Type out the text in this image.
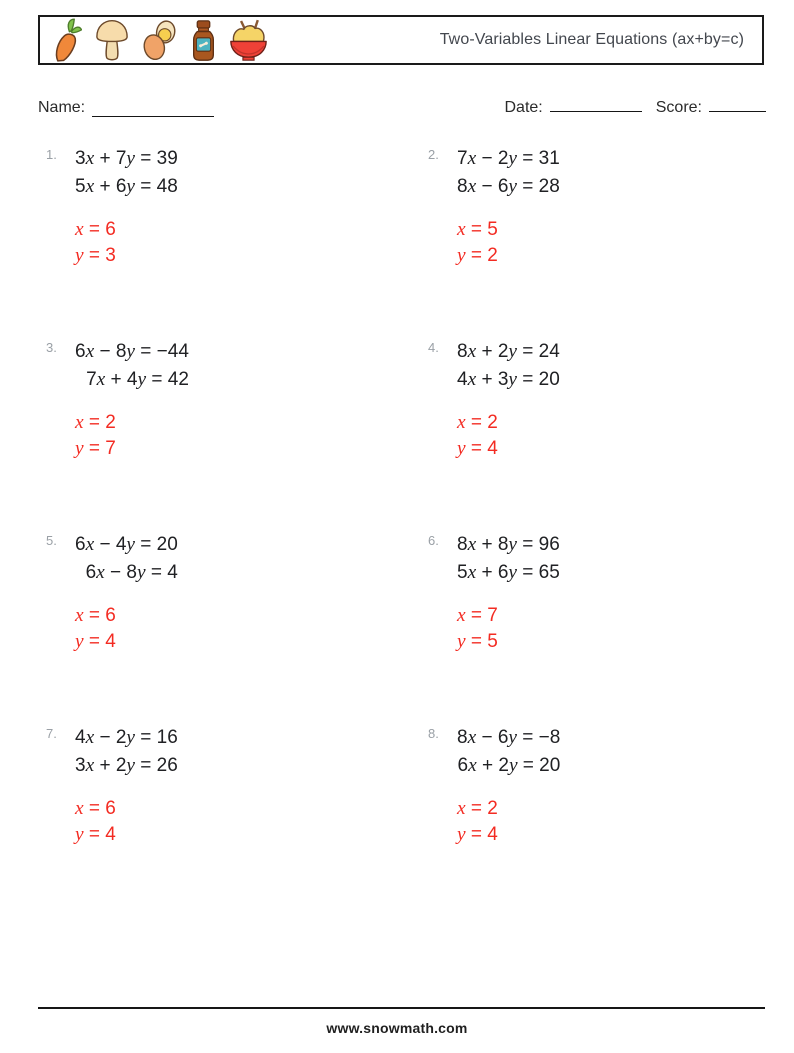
Two-Variables Linear Equations (ax+by=c)
Name:	Date:	Score:
1. 3x + 7y = 39
5x + 6y = 48
x = 6
y = 3
2. 7x − 2y = 31
8x − 6y = 28
x = 5
y = 2
3. 6x − 8y = −44
7x + 4y = 42
x = 2
y = 7
4. 8x + 2y = 24
4x + 3y = 20
x = 2
y = 4
5. 6x − 4y = 20
6x − 8y = 4
x = 6
y = 4
6. 8x + 8y = 96
5x + 6y = 65
x = 7
y = 5
7. 4x − 2y = 16
3x + 2y = 26
x = 6
y = 4
8. 8x − 6y = −8
6x + 2y = 20
x = 2
y = 4
www.snowmath.com
